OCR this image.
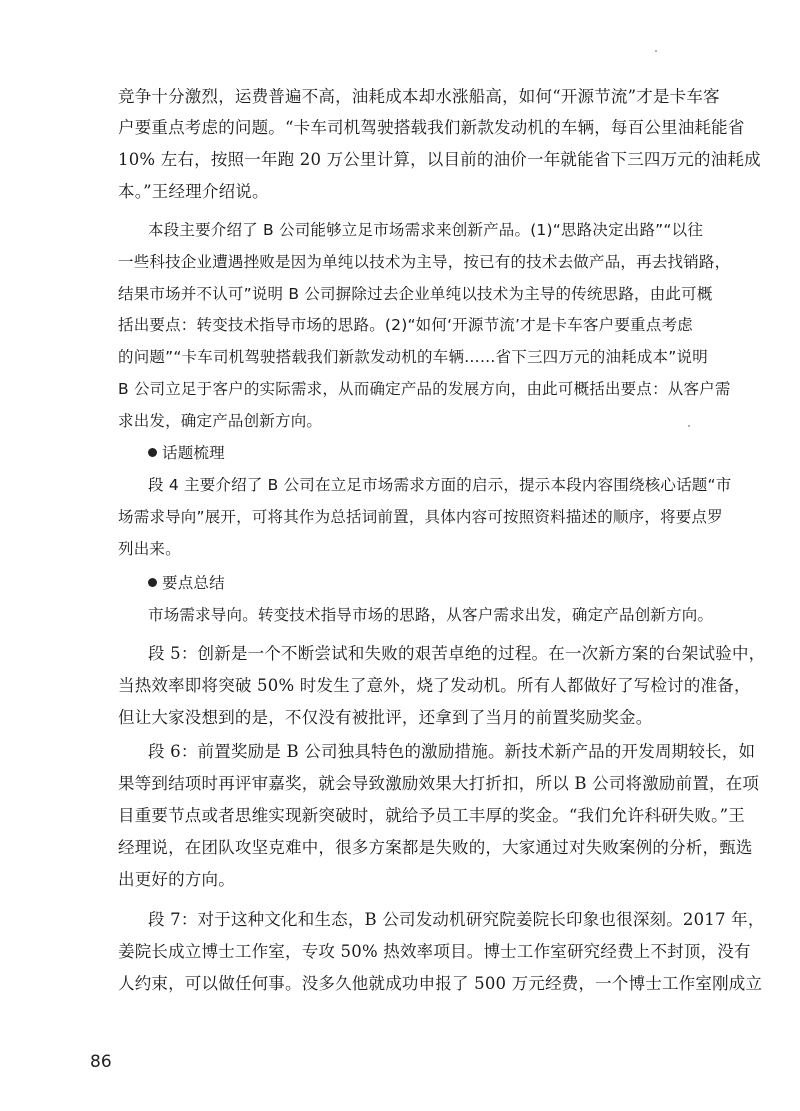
竞争十分激烈，运费普遍不高，油耗成本却水涨船高，如何“开源节流”才是卡车客
户要重点考虑的问题。“卡车司机驾驶搭载我们新款发动机的车辆，每百公里油耗能省
10% 左右，按照一年跑 20 万公里计算，以目前的油价一年就能省下三四万元的油耗成
本。”王经理介绍说。
本段主要介绍了 B 公司能够立足市场需求来创新产品。(1)“思路决定出路”“以往
一些科技企业遭遇挫败是因为单纯以技术为主导，按已有的技术去做产品，再去找销路，
结果市场并不认可”说明 B 公司摒除过去企业单纯以技术为主导的传统思路，由此可概
括出要点：转变技术指导市场的思路。(2)“如何‘开源节流’才是卡车客户要重点考虑
的问题”“卡车司机驾驶搭载我们新款发动机的车辆……省下三四万元的油耗成本”说明
B 公司立足于客户的实际需求，从而确定产品的发展方向，由此可概括出要点：从客户需
求出发，确定产品创新方向。
话题梳理
段 4 主要介绍了 B 公司在立足市场需求方面的启示，提示本段内容围绕核心话题“市
场需求导向”展开，可将其作为总括词前置，具体内容可按照资料描述的顺序，将要点罗
列出来。
要点总结
市场需求导向。转变技术指导市场的思路，从客户需求出发，确定产品创新方向。
段 5：创新是一个不断尝试和失败的艰苦卓绝的过程。在一次新方案的台架试验中，
当热效率即将突破 50% 时发生了意外，烧了发动机。所有人都做好了写检讨的准备，
但让大家没想到的是，不仅没有被批评，还拿到了当月的前置奖励奖金。
段 6：前置奖励是 B 公司独具特色的激励措施。新技术新产品的开发周期较长，如
果等到结项时再评审嘉奖，就会导致激励效果大打折扣，所以 B 公司将激励前置，在项
目重要节点或者思维实现新突破时，就给予员工丰厚的奖金。“我们允许科研失败。”王
经理说，在团队攻坚克难中，很多方案都是失败的，大家通过对失败案例的分析，甄选
出更好的方向。
段 7：对于这种文化和生态，B 公司发动机研究院姜院长印象也很深刻。2017 年，
姜院长成立博士工作室，专攻 50% 热效率项目。博士工作室研究经费上不封顶，没有
人约束，可以做任何事。没多久他就成功申报了 500 万元经费，一个博士工作室刚成立
86
